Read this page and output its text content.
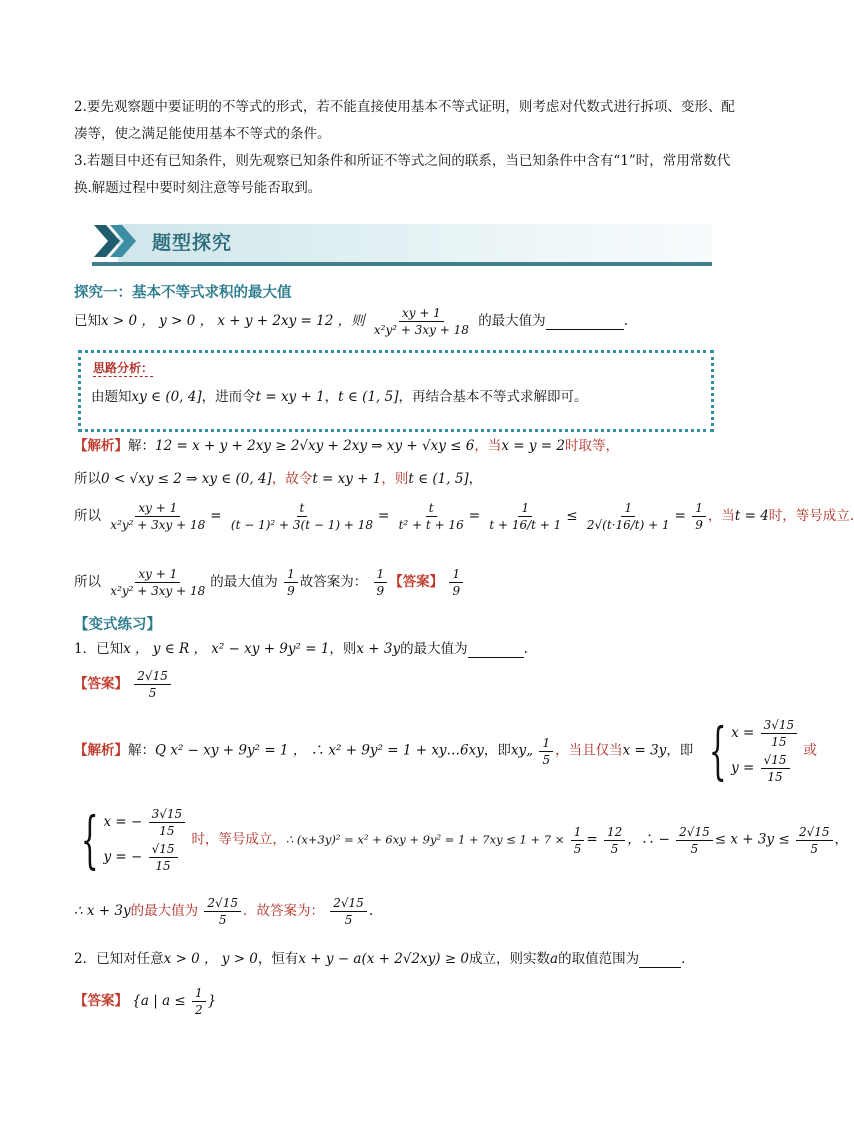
2.要先观察题中要证明的不等式的形式，若不能直接使用基本不等式证明，则考虑对代数式进行拆项、变形、配凑等，使之满足能使用基本不等式的条件。
3.若题目中还有已知条件，则先观察已知条件和所证不等式之间的联系，当已知条件中含有“1”时，常用常数代换.解题过程中要时刻注意等号能否取到。
题型探究
探究一：基本不等式求积的最大值
已知x > 0 ， y > 0 ， x + y + 2xy = 12 ，则 $\frac{xy + 1}{\text{x²y² + 3xy + 18}}$ 的最大值为	.
思路分析：
由题知xy ∈ (0, 4]，进而令t = xy + 1，t ∈ (1, 5]，再结合基本不等式求解即可。
【解析】解：12 = x + y + 2xy ≥ 2√xy + 2xy ⇒ xy + √xy ≤ 6，当x = y = 2时取等，
所以0 < √xy ≤ 2 ⇒ xy ∈ (0, 4]，故令t = xy + 1，则t ∈ (1, 5]，
所以 $\frac{xy + 1}{\text{x²y² + 3xy + 18}} = \frac{t}{\text{(t − 1)² + 3(t − 1) + 18}} = \frac{t}{\text{t² + t + 16}} = \frac{1}{t + 16/t + 1} \le \frac{1}{2√(t\cdot 16/t) + 1} = \frac{1}{9}$ ，当t = 4时，等号成立.
所以 $\frac{xy + 1}{\text{x²y² + 3xy + 18}}$ 的最大值为 $\frac{1}{9}$ 故答案为： $\frac{1}{9}$ 【答案】 $\frac{1}{9}$
【变式练习】
1．已知x ， y ∈ R ， x² − xy + 9y² = 1，则x + 3y的最大值为	.
【答案】 $\frac{2√15}{5}$
【解析】解：Q x² − xy + 9y² = 1 ， ∴ x² + 9y² = 1 + xy…6xy，即xy„ $\frac{1}{5}$ ，当且仅当x = 3y，即 { $x = \frac{3√15}{15}$
$y = \frac{√15}{15}$
或
{ x = − $\frac{3√15}{15}$
y = − $\frac{√15}{15}$
时，等号成立，∴ $(x+3y)^2 = x^2 + 6xy + 9y^2 = 1 + 7xy \le 1 + 7 \times \frac{1}{5} = \frac{12}{5}$ ，∴ − $\frac{2√15}{5} \le x + 3y \le \frac{2√15}{5}$ ，
∴ x + 3y的最大值为 $\frac{2√15}{5}$ ．故答案为： $\frac{2√15}{5}$ .
2．已知对任意x > 0 ， y > 0，恒有x + y − a(x + 2√2xy) ≥ 0成立，则实数a的取值范围为	.
【答案】 {a | $a \le \frac{1}{2}$ }
